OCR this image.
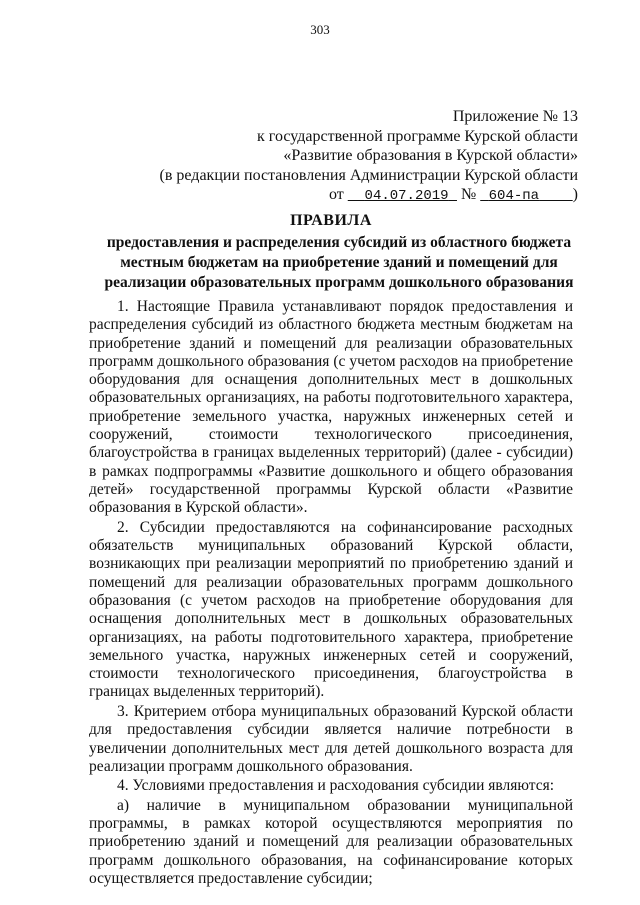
303
Приложение № 13
к государственной программе Курской области
«Развитие образования в Курской области»
(в редакции постановления Администрации Курской области
от 04.07.2019 № 604-па )
ПРАВИЛА
предоставления и распределения субсидий из областного бюджета
местным бюджетам на приобретение зданий и помещений для
реализации образовательных программ дошкольного образования

1. Настоящие Правила устанавливают порядок предоставления и распределения субсидий из областного бюджета местным бюджетам на приобретение зданий и помещений для реализации образовательных программ дошкольного образования (с учетом расходов на приобретение оборудования для оснащения дополнительных мест в дошкольных образовательных организациях, на работы подготовительного характера, приобретение земельного участка, наружных инженерных сетей и сооружений, стоимости технологического присоединения, благоустройства в границах выделенных территорий) (далее - субсидии) в рамках подпрограммы «Развитие дошкольного и общего образования детей» государственной программы Курской области «Развитие образования в Курской области».

2. Субсидии предоставляются на софинансирование расходных обязательств муниципальных образований Курской области, возникающих при реализации мероприятий по приобретению зданий и помещений для реализации образовательных программ дошкольного образования (с учетом расходов на приобретение оборудования для оснащения дополнительных мест в дошкольных образовательных организациях, на работы подготовительного характера, приобретение земельного участка, наружных инженерных сетей и сооружений, стоимости технологического присоединения, благоустройства в границах выделенных территорий).

3. Критерием отбора муниципальных образований Курской области для предоставления субсидии является наличие потребности в увеличении дополнительных мест для детей дошкольного возраста для реализации программ дошкольного образования.

4. Условиями предоставления и расходования субсидии являются:

а) наличие в муниципальном образовании муниципальной программы, в рамках которой осуществляются мероприятия по приобретению зданий и помещений для реализации образовательных программ дошкольного образования, на софинансирование которых осуществляется предоставление субсидии;
